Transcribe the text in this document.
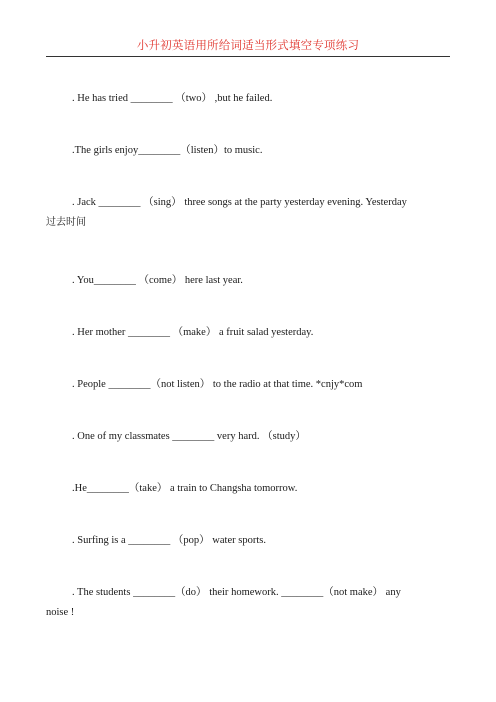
小升初英语用所给词适当形式填空专项练习
. He has tried ________ （two） ,but he failed.
.The girls enjoy________（listen）to music.
. Jack ________ （sing） three songs at the party yesterday evening. Yesterday
过去时间
. You________ （come） here last year.
. Her mother ________ （make） a fruit salad yesterday.
. People ________（not listen） to the radio at that time. *cnjy*com
. One of my classmates ________ very hard. （study）
.He________（take） a train to Changsha tomorrow.
. Surfing is a ________ （pop） water sports.
. The students ________（do） their homework. ________（not make） any
noise !
